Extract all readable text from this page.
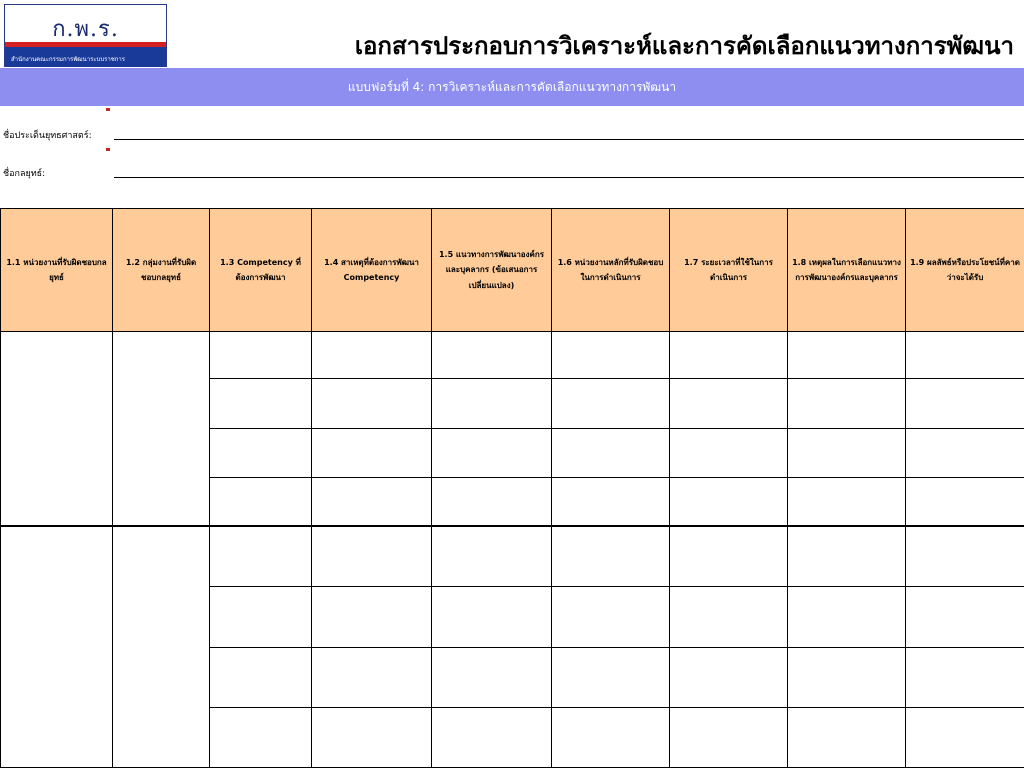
ก.พ.ร.
สำนักงานคณะกรรมการพัฒนาระบบราชการ	เอกสารประกอบการวิเคราะห์และการคัดเลือกแนวทางการพัฒนา
แบบฟอร์มที่ 4: การวิเคราะห์และการคัดเลือกแนวทางการพัฒนา
ชื่อประเด็นยุทธศาสตร์:
ชื่อกลยุทธ์:
1.1 หน่วยงานที่รับผิดชอบกลยุทธ์	1.2 กลุ่มงานที่รับผิดชอบกลยุทธ์	1.3 Competency ที่ต้องการพัฒนา	1.4 สาเหตุที่ต้องการพัฒนา Competency	1.5 แนวทางการพัฒนาองค์กรและบุคลากร (ข้อเสนอการเปลี่ยนแปลง)	1.6 หน่วยงานหลักที่รับผิดชอบในการดำเนินการ	1.7 ระยะเวลาที่ใช้ในการดำเนินการ	1.8 เหตุผลในการเลือกแนวทางการพัฒนาองค์กรและบุคลากร	1.9 ผลลัพธ์หรือประโยชน์ที่คาดว่าจะได้รับ
